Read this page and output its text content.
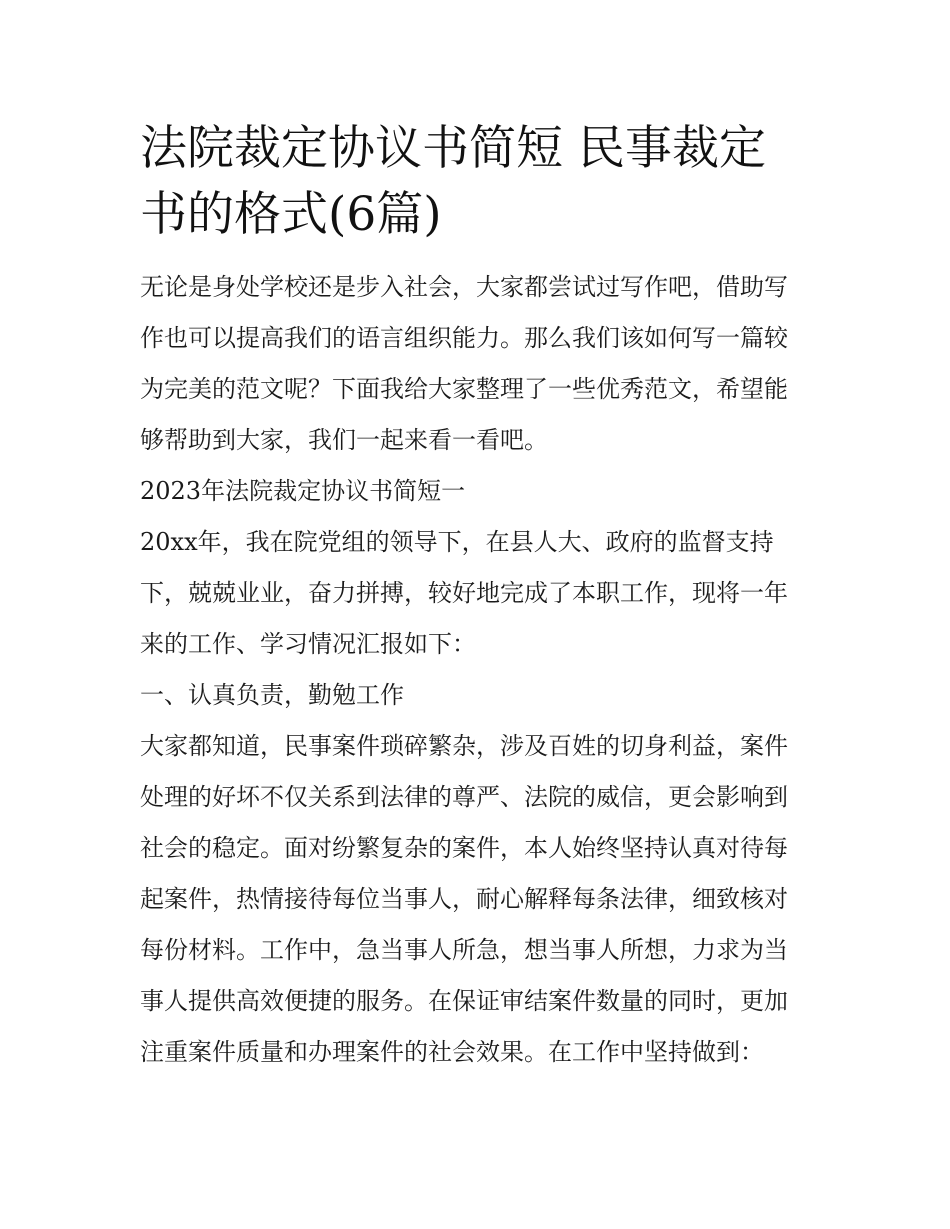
法院裁定协议书简短 民事裁定
书的格式(6篇)
无论是身处学校还是步入社会，大家都尝试过写作吧，借助写
作也可以提高我们的语言组织能力。那么我们该如何写一篇较
为完美的范文呢？下面我给大家整理了一些优秀范文，希望能
够帮助到大家，我们一起来看一看吧。
2023年法院裁定协议书简短一
20xx年，我在院党组的领导下，在县人大、政府的监督支持
下，兢兢业业，奋力拼搏，较好地完成了本职工作，现将一年
来的工作、学习情况汇报如下：
一、认真负责，勤勉工作
大家都知道，民事案件琐碎繁杂，涉及百姓的切身利益，案件
处理的好坏不仅关系到法律的尊严、法院的威信，更会影响到
社会的稳定。面对纷繁复杂的案件，本人始终坚持认真对待每
起案件，热情接待每位当事人，耐心解释每条法律，细致核对
每份材料。工作中，急当事人所急，想当事人所想，力求为当
事人提供高效便捷的服务。在保证审结案件数量的同时，更加
注重案件质量和办理案件的社会效果。在工作中坚持做到：
